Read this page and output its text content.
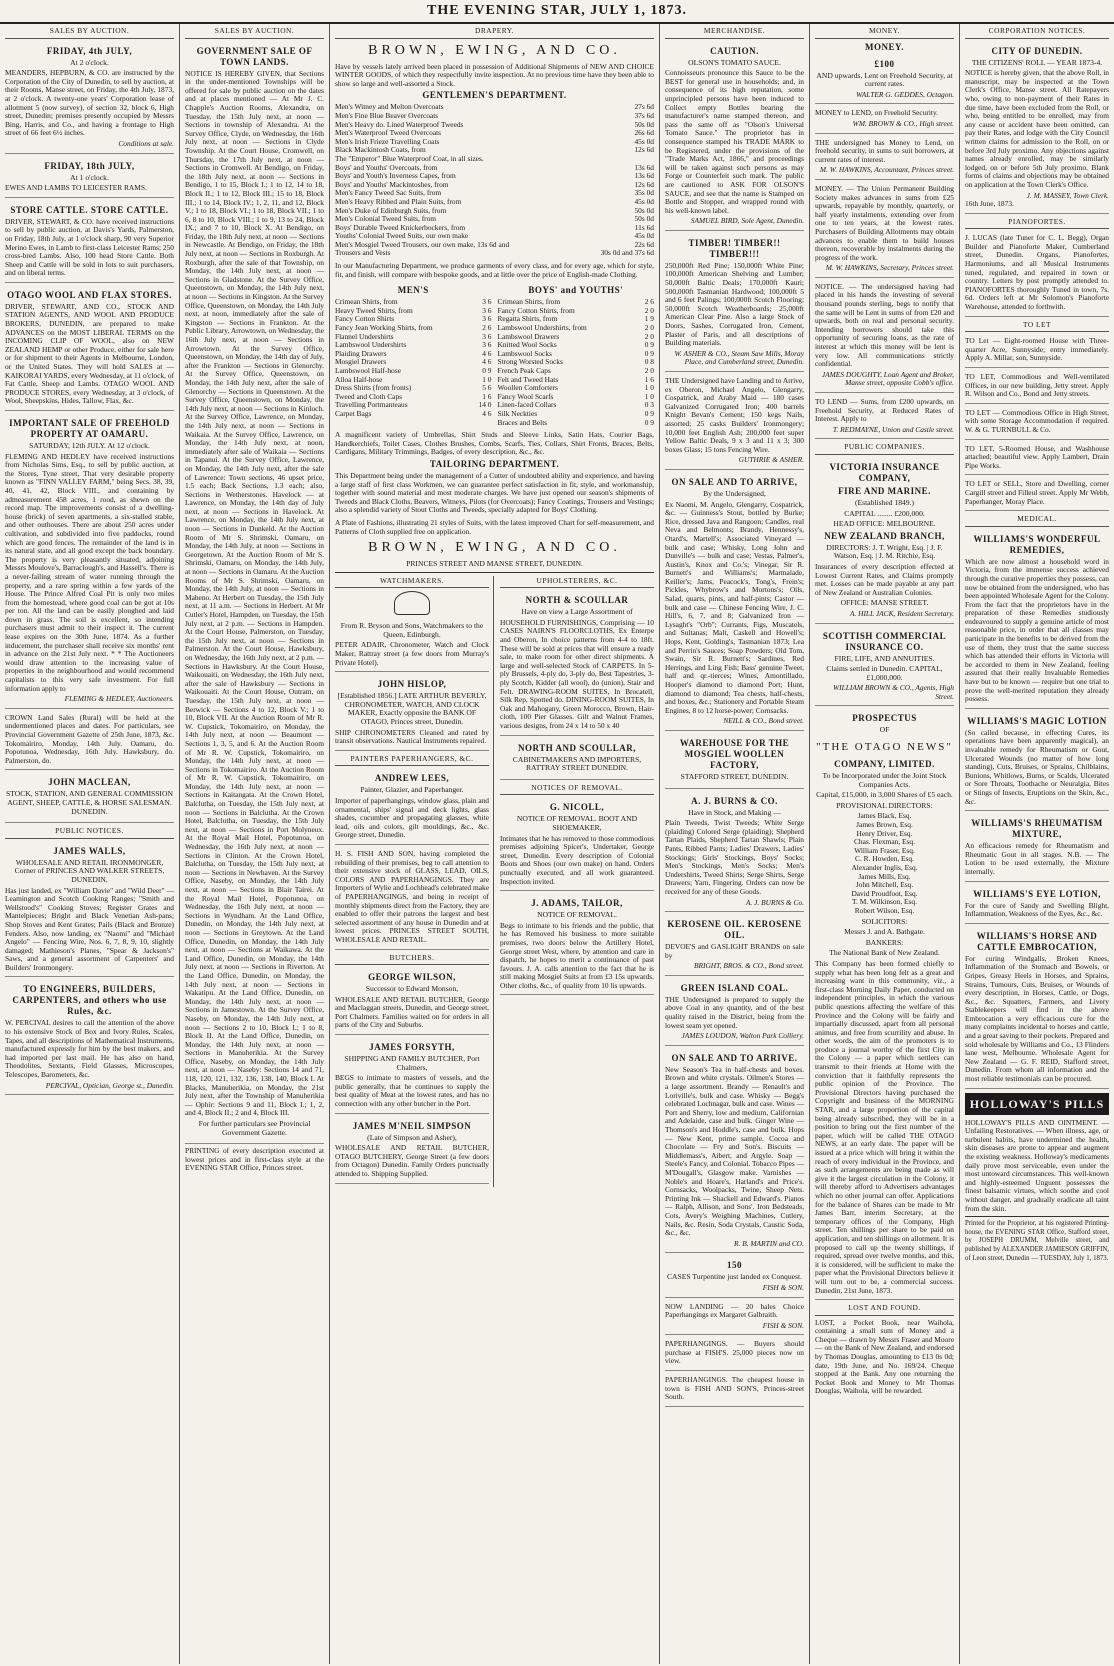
THE EVENING STAR, JULY 1, 1873.
SALES BY AUCTION.
FRIDAY, 4th JULY,
At 2 o'clock.
MEANDERS, HEPBURN, & CO. are instructed by the Corporation of the City of Dunedin, to sell by auction, at their Rooms, Manse street, on Friday, the 4th July, 1873, at 2 o'clock. A twenty-one years' Corporation lease of allotment 5 (now survey), of section 32, block 6, High street, Dunedin; premises presently occupied by Messrs Bing, Harris, and Co., and having a frontage to High street of 66 feet 6½ inches.
Conditions at sale.
FRIDAY, 18th JULY,
At 1 o'clock.
EWES AND LAMBS TO LEICESTER RAMS.
STORE CATTLE. STORE CATTLE.
DRIVER, STEWART, & CO. have received instructions to sell by public auction, at Davis's Yards, Palmerston, on Friday, 18th July, at 1 o'clock sharp, 90 very Superior Merino Ewes, in Lamb to first-class Leicester Rams; 250 cross-bred Lambs. Also, 100 head Store Cattle. Both Sheep and Cattle will be sold in lots to suit purchasers, and on liberal terms.
OTAGO WOOL AND FLAX STORES.
DRIVER, STEWART, AND CO., STOCK AND STATION AGENTS, AND WOOL AND PRODUCE BROKERS, DUNEDIN, are prepared to make ADVANCES on the MOST LIBERAL TERMS on the INCOMING CLIP OF WOOL, also on NEW ZEALAND HEMP or other Produce, either for sale here or for shipment to their Agents in Melbourne, London, or the United States. They will hold SALES at — KAIKORAI YARDS, every Wednesday, at 11 o'clock, of Fat Cattle, Sheep and Lambs. OTAGO WOOL AND PRODUCE STORES, every Wednesday, at 3 o'clock, of Wool, Sheepskins, Hides, Tallow, Flax, &c.
IMPORTANT SALE OF FREEHOLD PROPERTY AT OAMARU.
SATURDAY, 12th JULY. At 12 o'clock.
FLEMING AND HEDLEY have received instructions from Nicholas Sims, Esq., to sell by public auction, at the Stores, Tyne street, That very desirable property known as "FINN VALLEY FARM," being Secs. 38, 39, 40, 41, 42, Block VIII., and containing by admeasurement 458 acres, 1 rood, as shewn on the record map. The improvements consist of a dwelling-house (brick) of seven apartments, a six-stalled stable, and other outhouses. There are about 250 acres under cultivation, and subdivided into five paddocks, round which are good fences. The remainder of the land is in its natural state, and all good except the back boundary. The property is very pleasantly situated, adjoining Messrs Moulove's, Barraclough's, and Hassell's. There is a never-failing stream of water running through the property, and a rare spring within a few yards of the House. The Prince Alfred Coal Pit is only two miles from the homestead, where good coal can be got at 10s per ton. All the land can be easily ploughed and laid down in grass. The soil is excellent, so intending purchasers must admit to their inspect it. The current lease expires on the 30th June, 1874. As a further inducement, the purchaser shall receive six months' rent in advance on the 21st July next. * * The Auctioneers would draw attention to the increasing value of properties in the neighbourhood and would recommend capitalists to this very safe investment. For full information apply to
FLEMING & HEDLEY, Auctioneers.
CROWN Land Sales (Rural) will be held at the undermentioned places and dates. For particulars, see Provincial Government Gazette of 25th June, 1873, &c. Tokomairiro, Monday, 14th July. Oamaru, do. Popotunoa, Wednesday, 16th July. Hawksbury, do. Palmerston, do.
JOHN MACLEAN,
STOCK, STATION, AND GENERAL COMMISSION AGENT, SHEEP, CATTLE, & HORSE SALESMAN. DUNEDIN.
PUBLIC NOTICES.
JAMES WALLS,
WHOLESALE AND RETAIL IRONMONGER, Corner of PRINCES AND WALKER STREETS, DUNEDIN,
Has just landed, ex "William Davie" and "Wild Deer" — Leamington and Scotch Cooking Ranges; "Smith and Wellstood's" Cooking Stoves; Register Grates and Mantelpieces; Bright and Black Venetian Ash-pans; Shop Stoves and Kent Grates; Pails (Black and Bronze) Fenders. Also, now landing, ex "Naomi" and "Michael Angelo" — Fencing Wire, Nos. 6, 7, 8, 9, 10, slightly damaged; Mathieson's Planes, "Spear & Jackson's" Saws, and a general assortment of Carpenters' and Builders' Ironmongery.
TO ENGINEERS, BUILDERS, CARPENTERS, and others who use Rules, &c.
W. PERCIVAL desires to call the attention of the above to his extensive Stock of Box and Ivory Rules, Scales, Tapes, and all descriptions of Mathematical Instruments, manufactured expressly for him by the best makers, and had imported per last mail. He has also on hand, Theodolites, Sextants, Field Glasses, Microscopes, Telescopes, Barometers, &c.
PERCIVAL, Optician, George st., Dunedin.
SALES BY AUCTION.
GOVERNMENT SALE OF TOWN LANDS.
NOTICE IS HEREBY GIVEN, that Sections in the under-mentioned Townships will be offered for sale by public auction on the dates and at places mentioned — At Mr J. C. Chapple's Auction Rooms, Alexandra, on Tuesday, the 15th July next, at noon — Sections in township of Alexandra. At the Survey Office, Clyde, on Wednesday, the 16th July next, at noon — Sections in Clyde Township. At the Court House, Cromwell, on Thursday, the 17th July next, at noon — Sections in Cromwell. At Bendigo, on Friday, the 18th July next, at noon — Sections in Bendigo, 1 to 15, Block I.; 1 to 12, 14 to 18, Block II.; 1 to 12, Block III.; 15 to 18, Block III.; 1 to 14, Block IV.; 1, 2, 11, and 12, Block V.; 1 to 18, Block VI.; 1 to 18, Block VII.; 1 to 6, 8 to 10, Block VIII.; 1 to 9, 13 to 24, Block IX.; and 7 to 10, Block X. At Bendigo, on Friday, the 18th July next, at noon — Sections in Newcastle. At Bendigo, on Friday, the 18th July next, at noon — Sections in Roxburgh. At Roxburgh, after the sale of that Township, on Monday, the 14th July next, at noon — Sections in Gladstone. At the Survey Office, Queenstown, on Monday, the 14th July next, at noon — Sections in Kingston. At the Survey Office, Queenstown, on Monday, the 14th July next, at noon, immediately after the sale of Kingston — Sections in Frankton. At the Public Library, Arrowtown, on Wednesday, the 16th July next, at noon — Sections in Arrowtown. At the Survey Office, Queenstown, on Monday, the 14th day of July, after the Frankton — Sections in Glenorchy. At the Survey Office, Queenstown, on Monday, the 14th July next, after the sale of Glenorchy — Sections in Queenstown. At the Survey Office, Queenstown, on Monday, the 14th July next, at noon — Sections in Kinloch. At the Survey Office, Lawrence, on Monday, the 14th July next, at noon — Sections in Waikaia. At the Survey Office, Lawrence, on Monday, the 14th July next, at noon, immediately after sale of Waikaia — Sections in Tapanui. At the Survey Office, Lawrence, on Monday, the 14th July next, after the sale of Lawrence: Town sections, 46 upset price, 1.5 each; Back Sections, 1.3 each; also, Sections in Wetherstones. Havelock — at Lawrence, on Monday, the 14th day of July next, at noon — Sections in Havelock. At Lawrence, on Monday, the 14th July next, at noon — Sections in Dunkeld. At the Auction Room of Mr S. Shrimski, Oamaru, on Monday, the 14th July, at noon — Sections in Georgetown. At the Auction Room of Mr S. Shrimski, Oamaru, on Monday, the 14th July, at noon — Sections in Oamaru. At the Auction Rooms of Mr S. Shrimski, Oamaru, on Monday, the 14th July, at noon — Sections in Maheno. At Herbert on Tuesday, the 15th July next, at 11 a.m. — Sections in Herbert. At Mr Cutler's Hotel, Hampden, on Tuesday, the 15th July next, at 2 p.m. — Sections in Hampden. At the Court House, Palmerston, on Tuesday, the 15th July next, at noon — Sections in Palmerston. At the Court House, Hawksbury, on Wednesday, the 16th July next, at 2 p.m. — Sections in Hawksbury. At the Court House, Waikouaiti, on Wednesday, the 16th July next, after the sale of Hawksbury — Sections in Waikouaiti. At the Court House, Outram, on Tuesday, the 15th July next, at noon — Berwick — Sections 4 to 12, Block V.; 1 to 10, Block VII. At the Auction Room of Mr R. W. Cupstick, Tokomairiro, on Monday, the 14th July next, at noon — Beaumont — Sections 1, 3, 5, and 6. At the Auction Room of Mr R. W. Cupstick, Tokomairiro, on Monday, the 14th July next, at noon — Sections in Tokomairiro. At the Auction Room of Mr R. W. Cupstick, Tokomairiro, on Monday, the 14th July next, at noon — Sections in Kaitangata. At the Crown Hotel, Balclutha, on Tuesday, the 15th July next, at noon — Sections in Balclutha. At the Crown Hotel, Balclutha, on Tuesday, the 15th July next, at noon — Sections in Port Molyneux. At the Royal Mail Hotel, Popotunoa, on Wednesday, the 16th July next, at noon — Sections in Clinton. At the Crown Hotel, Balclutha, on Tuesday, the 15th July next, at noon — Sections in Newhaven. At the Survey Office, Naseby, on Monday, the 14th July next, at noon — Sections in Blair Tairei. At the Royal Mail Hotel, Popotunoa, on Wednesday, the 16th July next, at noon — Sections in Wyndham. At the Land Office, Dunedin, on Monday, the 14th July next, at noon — Sections in Greytown. At the Land Office, Dunedin, on Monday, the 14th July next, at noon — Sections at Waikawa. At the Land Office, Dunedin, on Monday, the 14th July next, at noon — Sections in Riverton. At the Land Office, Dunedin, on Monday, the 14th July next, at noon — Sections in Wakatipu. At the Land Office, Dunedin, on Monday, the 14th July next, at noon — Sections in Jamestown. At the Survey Office, Naseby, on Monday, the 14th July next, at noon — Sections 2 to 10, Block I.; 1 to 8, Block II. At the Land Office, Dunedin, on Monday, the 14th July next, at noon — Sections in Manuherikia. At the Survey Office, Naseby, on Monday, the 14th July next, at noon — Naseby: Sections 14 and 71, 118, 120, 121, 132, 136, 138, 140, Block I. At Blacks, Manuherikia, on Monday, the 21st July next, after the Township of Manuherikia — Ophir: Sections 9 and 11, Block I.; 1, 2, and 4, Block II.; 2 and 4, Block III.
For further particulars see Provincial Government Gazette.
PRINTING of every description executed at lowest prices and in first-class style at the EVENING STAR Office, Princes street.
DRAPERY.
BROWN, EWING, AND CO.
Have by vessels lately arrived been placed in possession of Additional Shipments of NEW AND CHOICE WINTER GOODS, of which they respectfully invite inspection. At no previous time have they been able to show so large and well-assorted a Stock.
GENTLEMEN'S DEPARTMENT.
Men's Witney and Melton Overcoats	27s 6d
Men's Fine Blue Beaver Overcoats	37s 6d
Men's Heavy do. Lined Waterproof Tweeds	50s 0d
Men's Waterproof Tweed Overcoats	26s 6d
Men's Irish Frieze Travelling Coats	45s 0d
Black Mackintosh Coats, from	12s 6d
The "Emperor" Blue Waterproof Coat, in all sizes.
Boys' and Youths' Overcoats, from	13s 6d
Boys' and Youth's Inverness Capes, from	13s 6d
Boys' and Youths' Mackintoshes, from	12s 6d
Men's Fancy Tweed Sac Suits, from	35s 0d
Men's Heavy Ribbed and Plain Suits, from	45s 0d
Men's Duke of Edinburgh Suits, from	50s 0d
Men's Colonial Tweed Suits, from	50s 0d
Boys' Durable Tweed Knickerbockers, from	11s 6d
Youths' Colonial Tweed Suits, our own make	45s 0d
Men's Mosgiel Tweed Trousers, our own make, 13s 6d and	22s 6d
Trousers and Vests	30s 0d and 37s 6d
In our Manufacturing Department, we produce garments of every class, and for every age, which for style, fit, and finish, will compare with bespoke goods, and at little over the price of English-made Clothing.
MEN'S
Crimean Shirts, from	3 6
Heavy Tweed Shirts, from	3 6
Fancy Cotton Shirts	3 6
Fancy Jean Working Shirts, from	2 6
Flannel Undershirts	3 6
Lambswool Undershirts	3 6
Plaiding Drawers	4 6
Mosgiel Drawers	4 6
Lambswool Half-hose	0 9
Alloa Half-hose	1 0
Dress Shirts (from fronts)	5 6
Tweed and Cloth Caps	1 6
Travelling Portmanteaus	14 0
Carpet Bags	4 6
BOYS' and YOUTHS'
Crimean Shirts, from	2 6
Fancy Cotton Shirts, from	2 0
Regatta Shirts, from	1 9
Lambswool Undershirts, from	2 0
Lambswool Drawers	2 0
Knitted Wool Socks	0 9
Lambswool Socks	0 9
Strong Worsted Socks	0 8
French Peak Caps	2 0
Felt and Tweed Hats	1 6
Woollen Comforters	1 0
Fancy Wool Scarfs	1 0
Linen-faced Collars	0 3
Silk Neckties	0 9
Braces and Belts	0 9
A magnificent variety of Umbrellas, Shirt Studs and Sleeve Links, Satin Hats, Courier Bags, Handkerchiefs, Toilet Cases, Clothes Brushes, Combs, Scarfs, Ties, Collars, Shirt Fronts, Braces, Belts, Cardigans, Military Trimmings, Badges, of every description, &c., &c.
TAILORING DEPARTMENT.
This Department being under the management of a Cutter of undoubted ability and experience, and having a large staff of first class Workmen, we can guarantee perfect satisfaction in fit, style, and workmanship, together with sound material and most moderate charges. We have just opened our season's shipments of Tweeds and Black Cloths, Beavers, Witneys, Pilots (for Overcoats); Fancy Coatings, Trousers and Vestings; also a splendid variety of Stout Cloths and Tweeds, specially adapted for Boys' Clothing.
A Plate of Fashions, illustrating 21 styles of Suits, with the latest improved Chart for self-measurement, and Patterns of Cloth supplied free on application.
BROWN, EWING, AND CO.
PRINCES STREET AND MANSE STREET, DUNEDIN.
WATCHMAKERS.
From R. Bryson and Sons, Watchmakers to the Queen, Edinburgh.
PETER ADAIR, Chronometer, Watch and Clock Maker, Rattray street (a few doors from Murray's Private Hotel).
JOHN HISLOP,
[Established 1856.] LATE ARTHUR BEVERLY, CHRONOMETER, WATCH, AND CLOCK MAKER, Exactly opposite the BANK OF OTAGO, Princes street, Dunedin.
SHIP CHRONOMETERS Cleaned and rated by transit observations. Nautical Instruments repaired.
PAINTERS PAPERHANGERS, &C.
ANDREW LEES,
Painter, Glazier, and Paperhanger.
Importer of paperhangings, window glass, plain and ornamental, ships' signal and deck lights, glass shades, cucumber and propagating glasses, white lead, oils and colors, gilt mouldings, &c., &c. George street, Dunedin.
H. S. FISH AND SON, having completed the rebuilding of their premises, beg to call attention to their extensive stock of GLASS, LEAD, OILS, COLORS AND PAPERHANGINGS. They are Importers of Wylie and Lochhead's celebrated make of PAPERHANGINGS, and being in receipt of monthly shipments direct from the Factory, they are enabled to offer their patrons the largest and best selected assortment of any house in Dunedin and at lowest prices. PRINCES STREET SOUTH, WHOLESALE AND RETAIL.
BUTCHERS.
GEORGE WILSON,
Successor to Edward Monson,
WHOLESALE AND RETAIL BUTCHER, George and Maclaggan streets, Dunedin, and George street, Port Chalmers. Families waited on for orders in all parts of the City and Suburbs.
JAMES FORSYTH,
SHIPPING AND FAMILY BUTCHER, Port Chalmers,
BEGS to intimate to masters of vessels, and the public generally, that he continues to supply the best quality of Meat at the lowest rates, and has no connection with any other butcher in the Port.
JAMES M'NEIL SIMPSON
(Late of Simpson and Asher),
WHOLESALE AND RETAIL BUTCHER, OTAGO BUTCHERY, George Street (a few doors from Octagon) Dunedin. Family Orders punctually attended to. Shipping Supplied.
UPHOLSTERERS, &C.
NORTH & SCOULLAR
Have on view a Large Assortment of
HOUSEHOLD FURNISHINGS, Comprising — 10 CASES NAIRN'S FLOORCLOTHS, Ex Enterpe and Oberon, In choice patterns from 4-4 to 18ft. These will be sold at prices that will ensure a ready sale, to make room for other direct shipments. A large and well-selected Stock of CARPETS. In 5-ply Brussels, 4-ply do, 3-ply do, Best Tapestries, 3-ply Scotch, Kidder (all wool), do (union), Stair and Felt. DRAWING-ROOM SUITES, In Brocatell, Silk Rep, Spotted do. DINING-ROOM SUITES, In Oak and Mahogany, Green Morocco, Brown, Hair-cloth, 100 Pier Glasses. Gilt and Walnut Frames, various designs, from 24 x 14 to 50 x 40
NORTH AND SCOULLAR,
CABINETMAKERS AND IMPORTERS, RATTRAY STREET DUNEDIN.
NOTICES OF REMOVAL.
G. NICOLL,
NOTICE OF REMOVAL. BOOT AND SHOEMAKER,
Intimates that he has removed to those commodious premises adjoining Spicer's, Undertaker, George street, Dunedin. Every description of Colonial Boots and Shoes (our own make) on hand. Orders punctually executed, and all work guaranteed. Inspection invited.
J. ADAMS, TAILOR,
NOTICE OF REMOVAL.
Begs to intimate to his friends and the public, that he has Removed his business to more suitable premises, two doors below the Artillery Hotel, George street West, where, by attention and care in dispatch, he hopes to merit a continuance of past favours. J. A. calls attention to the fact that he is still making Mosgiel Suits at from £3 15s upwards. Other cloths, &c., of quality from 10 lis upwards.
MERCHANDISE.
CAUTION.
OLSON'S TOMATO SAUCE.
Connoisseurs pronounce this Sauce to be the BEST for general use in households; and, in consequence of its high reputation, some unprincipled persons have been induced to Collect empty Bottles bearing the manufacturer's name stamped thereon, and pass the same off as "Olson's Universal Tomato Sauce." The proprietor has in consequence stamped his TRADE MARK to be Registered, under the provisions of the "Trade Marks Act, 1866," and proceedings will be taken against such persons as may Forge or Counterfeit such mark. The public are cautioned to ASK FOR OLSON'S SAUCE, and see that the name is Stamped on Bottle and Stopper, and wrapped round with his well-known label.
SAMUEL BIRD, Sole Agent, Dunedin.
TIMBER! TIMBER!! TIMBER!!!
250,000ft Red Pine; 150,000ft White Pine; 100,000ft American Shelving and Lumber; 50,000ft Baltic Deals; 170,000ft Kauri; 500,000ft Tasmanian Hardwood; 100,000ft 5 and 6 feet Palings; 100,000ft Scotch Flooring; 50,000ft Scotch Weatherboards; 25,000ft American Clear Pine. Also a large Stock of Doors, Sashes, Corrugated Iron, Cement, Plaster of Paris, and all descriptions of Building materials.
W. ASHER & CO., Steam Saw Mills, Moray Place, and Cumberland street, Dunedin.
THE Undersigned have Landing and to Arrive, ex Oberon, Michael Angelo, Glengarry, Cospatrick, and Araby Maid — 180 cases Galvanized Corrugated Iron; 400 barrels Knight Bevan's Cement; 150 kegs Nails, assorted; 25 casks Builders' Ironmongery; 10,000 feet English Ash; 200,000 feet super Yellow Baltic Deals, 9 x 3 and 11 x 3; 300 boxes Glass; 15 tons Fencing Wire.
GUTHRIE & ASHER.
ON SALE AND TO ARRIVE,
By the Undersigned,
Ex Naomi, M. Angelo, Glengarry, Cospatrick, &c. — Guinness's Stout, bottled by Burke; Rice, dressed Java and Rangoon; Candles, real Neva and Belmonts; Brandy, Hennessy's, Otard's, Martell's; Associated Vineyard — bulk and case; Whisky, Long John and Dunville's — bulk and case; Vestas, Palmer's, Austin's, Knox and Co.'s; Vinegar, Sir R. Burnett's and Williams's; Marmalade, Keiller's; Jams, Peacock's, Tong's, Frein's; Pickles, Whybrow's and Mortons's; Oils, Salad, quarts, pints, and half-pints; Castor — bulk and case — Chinese Fencing Wire, J. C. Hill's, 6, 7, and 8; Galvanized Iron — Lysaght's "Orb"; Currants, Figs, Muscatels, and Sultanas; Malt, Caskell and Howell's; Hops, Kent, Golding's, Tasmanian 1873; Lea and Perrin's Sauces; Soap Powders; Old Tom, Swain, Sir R. Burnett's; Sardines, Red Herrings, and Ling Fish; Bass' genuine Tweet, half and qr.-tierces; Wines, Amontillado, Hooper's diamond to diamond Port; Hunt, diamond to diamond; Tea chests, half-chests, and boxes, &c.; Stationery and Portable Steam Engines, 8 to 12 horse-power; Cornsacks.
NEILL & CO., Bond street.
WAREHOUSE FOR THE MOSGIEL WOOLLEN FACTORY,
STAFFORD STREET, DUNEDIN.
A. J. BURNS & CO.
Have in Stock, and Making —
Plain Tweeds, Twist Tweeds; White Serge (plaiding) Colored Serge (plaiding); Shepherd Tartan Plaids, Shepherd Tartan Shawls; Plain Pants, Ribbed Pants; Ladies' Drawers, Ladies' Stockings; Girls' Stockings, Boys' Socks; Men's Stockings, Men's Socks; Men's Undershirts, Tweed Shirts; Serge Shirts, Serge Drawers; Yarn, Fingering. Orders can now be received for any of these Goods.
A. J. BURNS & Co.
KEROSENE OIL. KEROSENE OIL.
DEVOE'S and GASLIGHT BRANDS on sale by
BRIGHT, BROS. & CO., Bond street.
GREEN ISLAND COAL.
THE Undersigned is prepared to supply the above Coal in any quantity, and of the best quality raised in the District, being from the lowest seam yet opened.
JAMES LOUDON, Walton Park Colliery.
ON SALE AND TO ARRIVE.
New Season's Tea in half-chests and boxes. Brown and white crystals. Oilmen's Stores — a large assortment. Brandy — Renault's and Loriville's, bulk and case. Whisky — Begg's celebrated Lochnagar, bulk and case. Wines — Port and Sherry, low and medium, Californian and Adelaide, case and bulk. Ginger Wine — Thomson's and Hoddle's, case and bulk. Hops — New Kent, prime sample. Cocoa and Chocolate — Fry and Son's. Biscuits — Middlemass's, Aibert, and Argyle. Soap — Steele's Fancy, and Colonial. Tobacco Pipes — M'Dougall's, Glasgow make. Varnishes — Noble's and Hoare's, Harland's and Price's. Cornsacks, Woolpacks, Twine, Sheep Nets. Printing Ink — Shackell and Edward's. Pianos — Ralph, Allison, and Sons'. Iron Bedsteads, Cots, Avery's Weighing Machines, Cutlery, Nails, &c. Resin, Soda Crystals, Caustic Soda, &c., &c.
R. B. MARTIN and CO.
150
CASES Turpentine just landed ex Conquest.
FISH & SON.
NOW LANDING — 20 bales Choice Paperhangings ex Margaret Galbraith.
FISH & SON.
PAPERHANGINGS. — Buyers should purchase at FISH'S. 25,000 pieces now on view.
PAPERHANGINGS. The cheapest house in town is FISH AND SON'S, Princes-street South.
MONEY.
MONEY.
£100
AND upwards, Lent on Freehold Security, at current rates.
WALTER G. GEDDES, Octagon.
MONEY to LEND, on Freehold Security.
WM. BROWN & CO., High street.
THE undersigned has Money to Lend, on freehold security, in sums to suit borrowers, at current rates of interest.
M. W. HAWKINS, Accountant, Princes street.
MONEY. — The Union Permanent Building Society makes advances in sums from £25 upwards, repayable by monthly, quarterly, or half yearly instalments, extending over from one to ten years, at the lowest rates. Purchasers of Building Allotments may obtain advances to enable them to build houses thereon, recoverable by instalments during the progress of the work.
M. W. HAWKINS, Secretary, Princes street.
NOTICE. — The undersigned having had placed in his hands the investing of several thousand pounds sterling, begs to notify that the same will be Lent in sums of from £20 and upwards, both on real and personal security. Intending borrowers should take this opportunity of securing loans, as the rate of interest at which this money will be lent is very low. All communications strictly confidential.
JAMES DOUGHTY, Loan Agent and Broker, Manse street, opposite Cobb's office.
TO LEND — Sums, from £200 upwards, on Freehold Security, at Reduced Rates of Interest. Apply to
T. REDMAYNE, Union and Castle street.
PUBLIC COMPANIES.
VICTORIA INSURANCE COMPANY,
FIRE AND MARINE.
(Established 1849.)
CAPITAL ........ £200,000.
HEAD OFFICE: MELBOURNE.
NEW ZEALAND BRANCH,
DIRECTORS: J. T. Wright, Esq. | J. F. Watson, Esq. | J. M. Ritchie, Esq.
Insurances of every description effected at Lowest Current Rates, and Claims promptly met. Losses can be made payable at any part of New Zealand or Australian Colonies.
OFFICE: MANSE STREET.
A. HILL JACK, Resident Secretary.
SCOTTISH COMMERCIAL INSURANCE CO.
FIRE, LIFE, AND ANNUITIES.
Claims settled in Dunedin. CAPITAL, £1,000,000.
WILLIAM BROWN & CO., Agents, High Street.
PROSPECTUS
OF
"THE OTAGO NEWS"
COMPANY, LIMITED.
To be Incorporated under the Joint Stock Companies Acts.
Capital, £15,000, in 3,000 Shares of £5 each.
PROVISIONAL DIRECTORS:
James Black, Esq.
James Brown, Esq.
Henry Driver, Esq.
Chas. Flexman, Esq.
William Fraser, Esq.
C. R. Howden, Esq.
Alexander Inglis, Esq.
James Mills, Esq.
John Mitchell, Esq.
David Proudfoot, Esq.
T. M. Wilkinson, Esq.
Robert Wilson, Esq.
SOLICITORS:
Messrs J. and A. Bathgate.
BANKERS:
The National Bank of New Zealand.
This Company has been formed chiefly to supply what has been long felt as a great and increasing want in this community, viz., a first-class Morning Daily Paper, conducted on independent principles, in which the various public questions affecting the welfare of this Province and the Colony will be fairly and impartially discussed, apart from all personal animus, and free from scurrility and abuse. In other words, the aim of the promoters is to produce a journal worthy of the first City in the Colony — a paper which settlers can transmit to their friends at Home with the conviction that it faithfully represents the public opinion of the Province. The Provisional Directors having purchased the Copyright and business of the MORNING STAR, and a large proportion of the capital being already subscribed, they will be in a position to bring out the first number of the paper, which will be called THE OTAGO NEWS, at an early date. The paper will be issued at a price which will bring it within the reach of every individual in the Province, and as such arrangements are being made as will give it the largest circulation in the Colony, it will thereby afford to Advertisers advantages which no other journal can offer. Applications for the balance of Shares can be made to Mr James Barr, interim Secretary, at the temporary offices of the Company, High street. Ten shillings per share to be paid on application, and ten shillings on allotment. It is proposed to call up the twenty shillings, if required, spread over twelve months, and this, it is considered, will be sufficient to make the paper what the Provisional Directors believe it will turn out to be, a commercial success. Dunedin, 21st June, 1873.
LOST AND FOUND.
LOST, a Pocket Book, near Waihola, containing a small sum of Money and a Cheque — drawn by Messrs Fraser and Moore — on the Bank of New Zealand, and endorsed by Thomas Douglas, amounting to £13 0s 0d; date, 19th June, and No. 169/24. Cheque stopped at the Bank. Any one returning the Pocket Book and Money to Mr Thomas Douglas, Waihola, will be rewarded.
CORPORATION NOTICES.
CITY OF DUNEDIN.
THE CITIZENS' ROLL — YEAR 1873-4.
NOTICE is hereby given, that the above Roll, in manuscript, may be inspected at the Town Clerk's Office, Manse street. All Ratepayers who, owing to non-payment of their Rates in due time, have been excluded from the Roll, or who, being entitled to be enrolled, may from any cause or accident have been omitted, can pay their Rates, and lodge with the City Council written claims for admission to the Roll, on or before 3rd July proximo. Any objections against names already enrolled, may be similarly lodged, on or before 5th July proximo. Blank forms of claims and objections may be obtained on application at the Town Clerk's Office.
J. M. MASSEY, Town Clerk.
16th June, 1873.
PIANOFORTES.
J. LUCAS (late Tuner for C. L. Begg), Organ Builder and Pianoforte Maker, Cumberland street, Dunedin. Organs, Pianofortes, Harmoniums, and all Musical Instruments tuned, regulated, and repaired in town or country. Letters by post promptly attended to. PIANOFORTES thoroughly Tuned in town, 7s. 6d. Orders left at Mr Solomon's Pianoforte Warehouse, attended to forthwith.
TO LET
TO Let — Eight-roomed House with Three-quarter Acre, Sunnyside; entry immediately. Apply A. Millar, son, Sunnyside.
TO LET, Commodious and Well-ventilated Offices, in our new building, Jetty street. Apply R. Wilson and Co., Bond and Jetty streets.
TO LET — Commodious Office in High Street, with some Storage Accommodation if required. W. & G. TURNBULL & Co.
TO LET, 5-Roomed House, and Washhouse attached; beautiful view. Apply Lambert, Drain Pipe Works.
TO LET or SELL, Store and Dwelling, corner Cargill street and Filleul street. Apply Mr Webb, Paperhanger, Moray Place.
MEDICAL.
WILLIAMS'S WONDERFUL REMEDIES,
Which are now almost a household word in Victoria, from the immense success achieved through the curative properties they possess, can now be obtained from the undersigned, who has been appointed Wholesale Agent for the Colony. From the fact that the proprietors have in the preparation of these Remedies studiously endeavoured to supply a genuine article of most reasonable price, in order that all classes may participate in the benefits to be derived from the use of them, they trust that the same success which has attended their efforts in Victoria will be accorded to them in New Zealand, feeling assured that their really Invaluable Remedies have but to be known — require but one trial to prove the well-merited reputation they already possess.
WILLIAMS'S MAGIC LOTION
(So called because, in effecting Cures, its operations have been apparently magical), an invaluable remedy for Rheumatism or Gout, Ulcerated Wounds (no matter of how long standing), Cuts, Bruises, or Sprains, Chilblains, Bunions, Whitlows, Burns, or Scalds, Ulcerated or Sore Throats, Toothache or Neuralgia, Bites or Stings of Insects, Eruptions on the Skin, &c., &c.
WILLIAMS'S RHEUMATISM MIXTURE,
An efficacious remedy for Rheumatism and Rheumatic Gout in all stages. N.B. — The Lotion to be used externally, the Mixture internally.
WILLIAMS'S EYE LOTION,
For the cure of Sandy and Swelling Blight, Inflammation, Weakness of the Eyes, &c., &c.
WILLIAMS'S HORSE AND CATTLE EMBROCATION,
For curing Windgalls, Broken Knees, Inflammation of the Stomach and Bowels, or Gripes, Greasy Heels in Horses, and Sprains, Strains, Tumours, Cuts, Bruises, or Wounds of every description, in Horses, Cattle, or Dogs, &c., &c. Squatters, Farmers, and Livery Stablekeepers will find in the above Embrocation a very efficacious cure for the many complaints incidental to horses and cattle, and a great saving to their pockets. Prepared and sold wholesale by Williams and Co., 13 Flinders lane west, Melbourne. Wholesale Agent for New Zealand — G. F. REID, Stafford street, Dunedin. From whom all information and the most reliable testimonials can be procured.
HOLLOWAY'S PILLS
HOLLOWAY'S PILLS AND OINTMENT. — Unfailing Restoratives. — When illness, age, or turbulent habits, have undermined the health, skin diseases are prone to appear and augment the existing weakness. Holloway's medicaments daily prove most serviceable, even under the most untoward circumstances. This well-known and highly-esteemed Unguent possesses the finest balsamic virtues, which soothe and cool without danger, and gradually eradicate all taint from the skin.
Printed for the Proprietor, at his registered Printing-house, the EVENING STAR Office, Stafford street, by JOSEPH DRUMM, Melville street, and published by ALEXANDER JAMIESON GRIFFIN, of Leon street, Dunedin — TUESDAY, July 1, 1873.
